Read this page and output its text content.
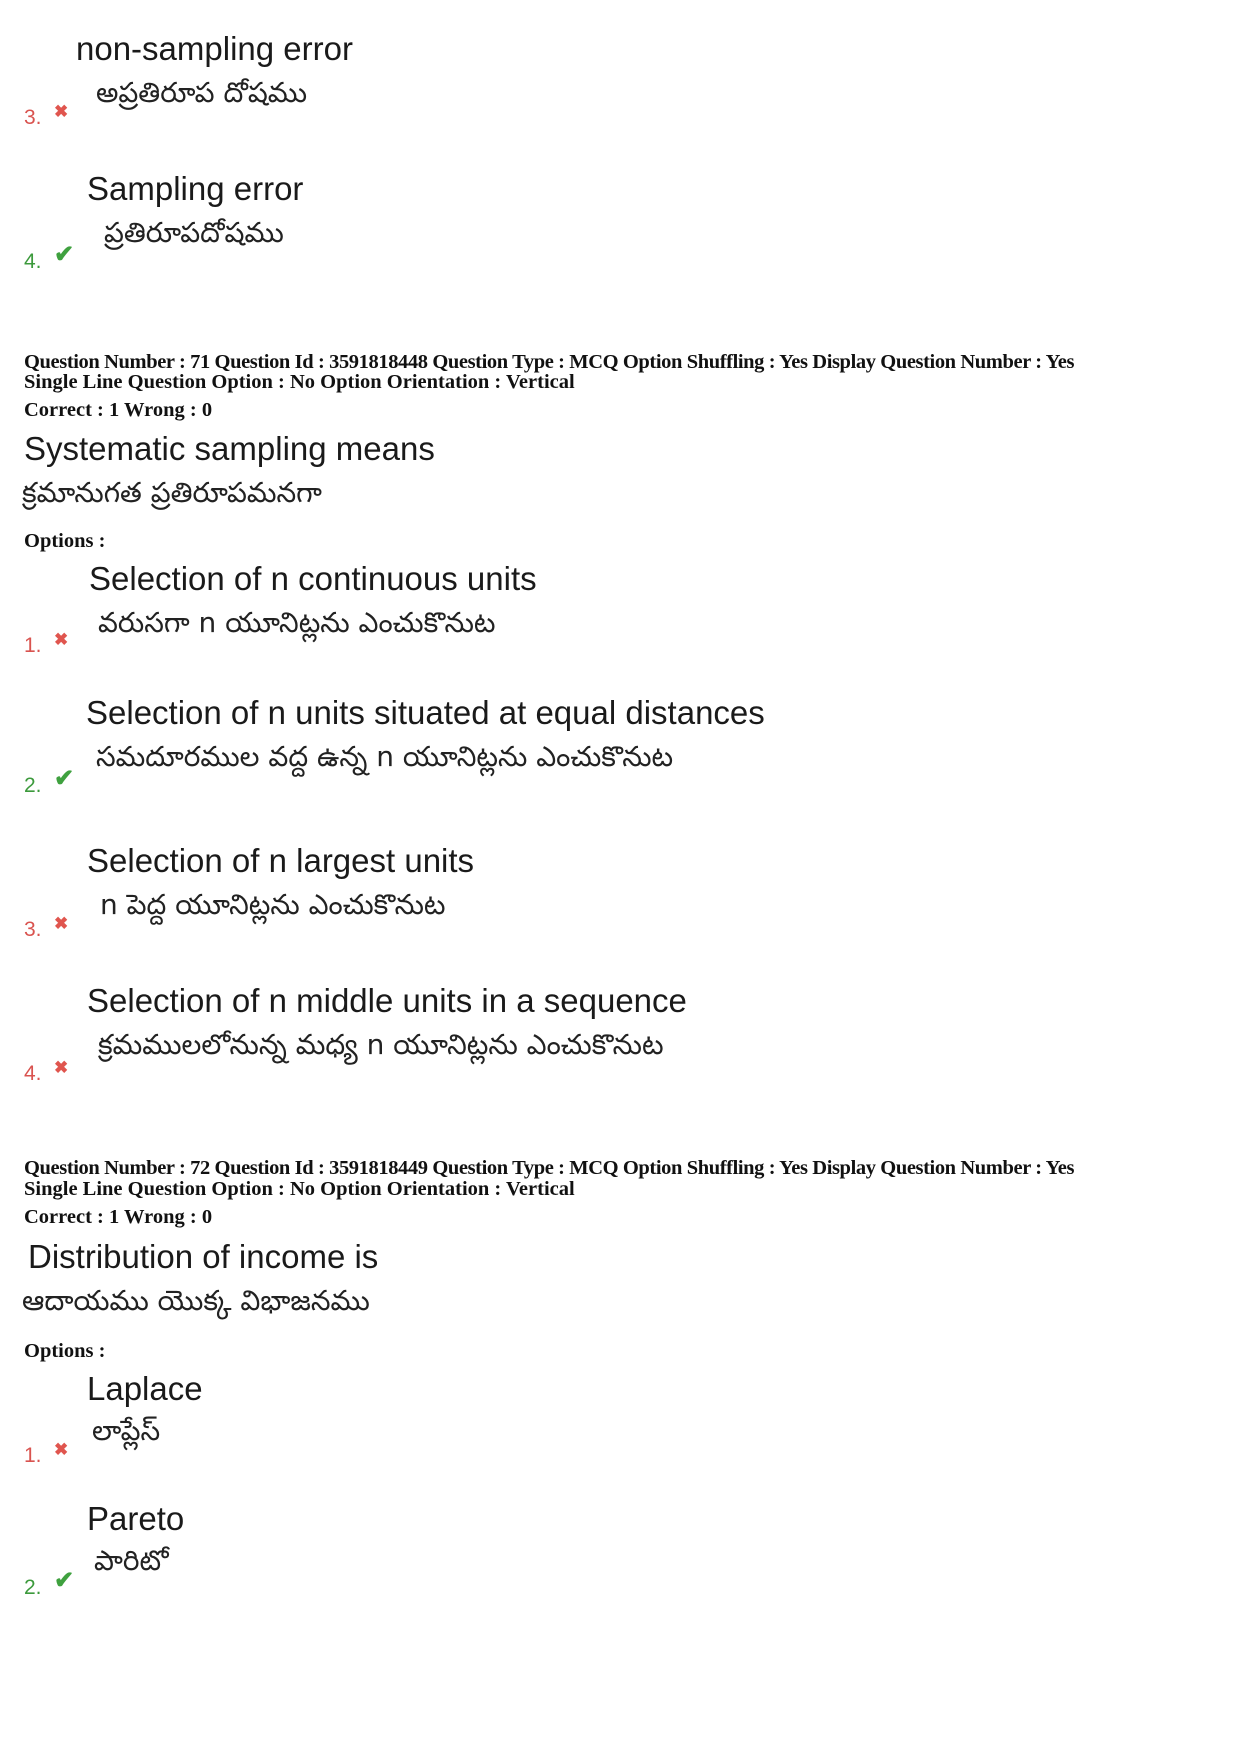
non-sampling error
అప్రతిరూప దోషము
3. ✖
Sampling error
ప్రతిరూపదోషము
4. ✔
Question Number : 71 Question Id : 3591818448 Question Type : MCQ Option Shuffling : Yes Display Question Number : Yes
Single Line Question Option : No Option Orientation : Vertical
Correct : 1 Wrong : 0
Systematic sampling means
క్రమానుగత ప్రతిరూపమనగా
Options :
Selection of n continuous units
వరుసగా n యూనిట్లను ఎంచుకొనుట
1. ✖
Selection of n units situated at equal distances
సమదూరముల వద్ద ఉన్న n యూనిట్లను ఎంచుకొనుట
2. ✔
Selection of n largest units
n పెద్ద యూనిట్లను ఎంచుకొనుట
3. ✖
Selection of n middle units in a sequence
క్రమములలోనున్న మధ్య n యూనిట్లను ఎంచుకొనుట
4. ✖
Question Number : 72 Question Id : 3591818449 Question Type : MCQ Option Shuffling : Yes Display Question Number : Yes
Single Line Question Option : No Option Orientation : Vertical
Correct : 1 Wrong : 0
Distribution of income is
ఆదాయము యొక్క విభాజనము
Options :
Laplace
లాప్లేస్
1. ✖
Pareto
పారిటో
2. ✔
